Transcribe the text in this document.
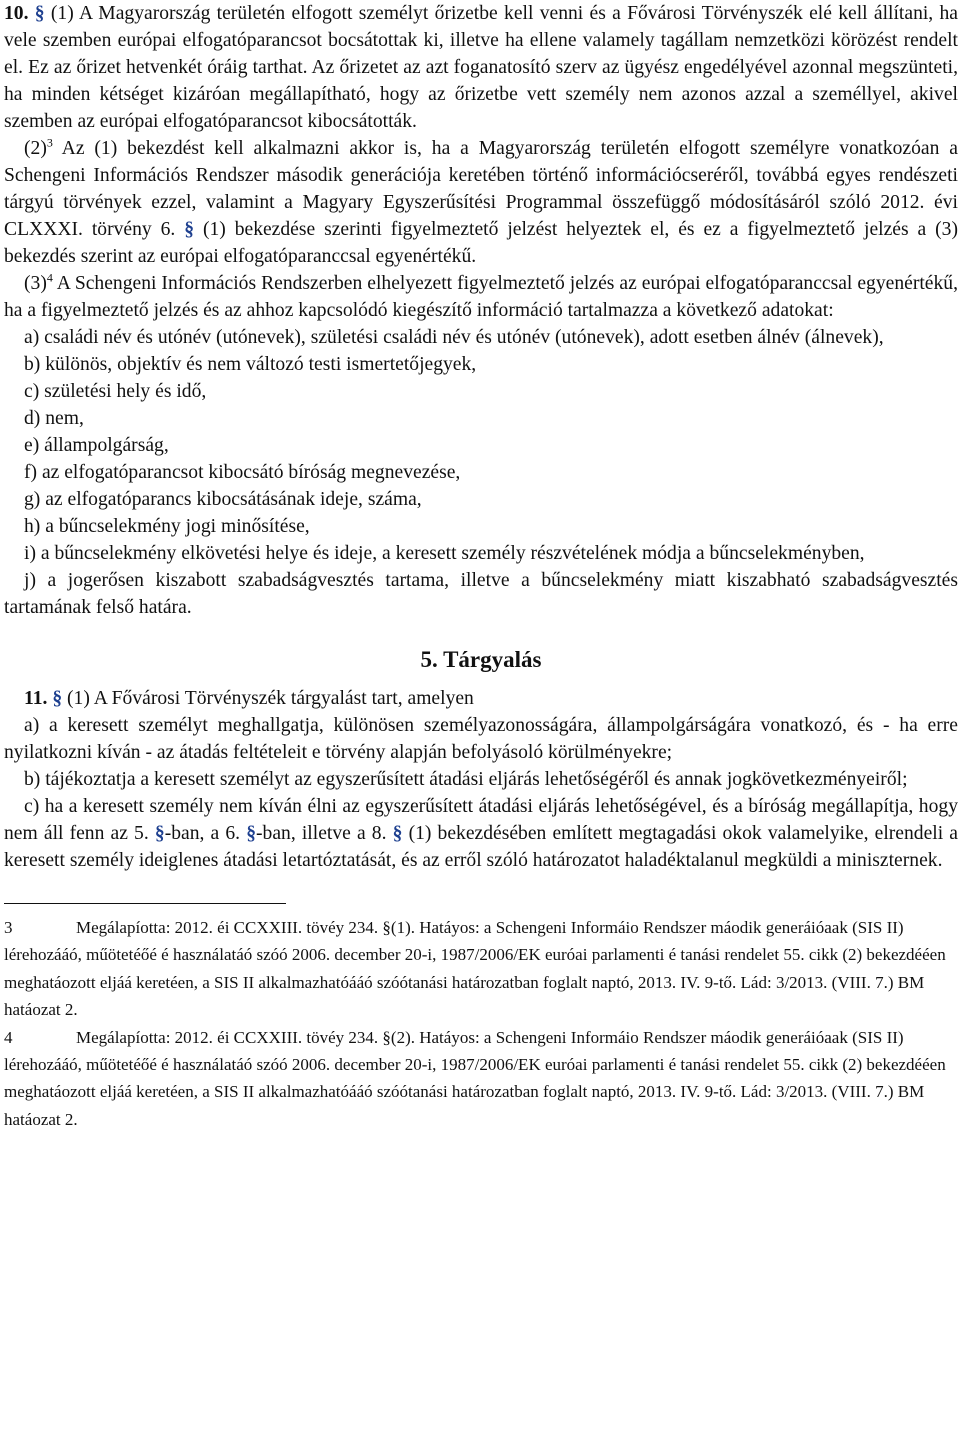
10. § (1) A Magyarország területén elfogott személyt őrizetbe kell venni és a Fővárosi Törvényszék elé kell állítani, ha vele szemben európai elfogatóparancsot bocsátottak ki, illetve ha ellene valamely tagállam nemzetközi körözést rendelt el. Ez az őrizet hetvenkét óráig tarthat. Az őrizetet az azt foganatosító szerv az ügyész engedélyével azonnal megszünteti, ha minden kétséget kizáróan megállapítható, hogy az őrizetbe vett személy nem azonos azzal a személlyel, akivel szemben az európai elfogatóparancsot kibocsátották.

$(2)^3$ Az (1) bekezdést kell alkalmazni akkor is, ha a Magyarország területén elfogott személyre vonatkozóan a Schengeni Információs Rendszer második generációja keretében történő információcseréről, továbbá egyes rendészeti tárgyú törvények ezzel, valamint a Magyary Egyszerűsítési Programmal összefüggő módosításáról szóló 2012. évi CLXXXI. törvény 6. § (1) bekezdése szerinti figyelmeztető jelzést helyeztek el, és ez a figyelmeztető jelzés a (3) bekezdés szerint az európai elfogatóparanccsal egyenértékű.

$(3)^4$ A Schengeni Információs Rendszerben elhelyezett figyelmeztető jelzés az európai elfogatóparanccsal egyenértékű, ha a figyelmeztető jelzés és az ahhoz kapcsolódó kiegészítő információ tartalmazza a következő adatokat:

a) családi név és utónév (utónevek), születési családi név és utónév (utónevek), adott esetben álnév (álnevek),

b) különös, objektív és nem változó testi ismertetőjegyek,

c) születési hely és idő,

d) nem,

e) állampolgárság,

f) az elfogatóparancsot kibocsátó bíróság megnevezése,

g) az elfogatóparancs kibocsátásának ideje, száma,

h) a bűncselekmény jogi minősítése,

i) a bűncselekmény elkövetési helye és ideje, a keresett személy részvételének módja a bűncselekményben,

j) a jogerősen kiszabott szabadságvesztés tartama, illetve a bűncselekmény miatt kiszabható szabadságvesztés tartamának felső határa.

5. Tárgyalás

11. § (1) A Fővárosi Törvényszék tárgyalást tart, amelyen

a) a keresett személyt meghallgatja, különösen személyazonosságára, állampolgárságára vonatkozó, és - ha erre nyilatkozni kíván - az átadás feltételeit e törvény alapján befolyásoló körülményekre;

b) tájékoztatja a keresett személyt az egyszerűsített átadási eljárás lehetőségéről és annak jogkövetkezményeiről;

c) ha a keresett személy nem kíván élni az egyszerűsített átadási eljárás lehetőségével, és a bíróság megállapítja, hogy nem áll fenn az 5. §-ban, a 6. §-ban, illetve a 8. § (1) bekezdésében említett megtagadási okok valamelyike, elrendeli a keresett személy ideiglenes átadási letartóztatását, és az erről szóló határozatot haladéktalanul megküldi a miniszternek.

3	Megálapíotta: 2012. éi CCXXIII. tövéy 234. §(1). Hatáyos: a Schengeni Informáio Rendszer máodik generáióaak (SIS II) lérehozááó, műötetéőé é használatáó szóó 2006. december 20-i, 1987/2006/EK euróai parlamenti é tanási rendelet 55. cikk (2) bekezdééen meghatáozott eljáá keretéen, a SIS II alkalmazhatóááó szóótanási határozatban foglalt naptó, 2013. IV. 9-tő. Lád: 3/2013. (VIII. 7.) BM hatáozat 2.

4	Megálapíotta: 2012. éi CCXXIII. tövéy 234. §(2). Hatáyos: a Schengeni Informáio Rendszer máodik generáióaak (SIS II) lérehozááó, műötetéőé é használatáó szóó 2006. december 20-i, 1987/2006/EK euróai parlamenti é tanási rendelet 55. cikk (2) bekezdééen meghatáozott eljáá keretéen, a SIS II alkalmazhatóááó szóótanási határozatban foglalt naptó, 2013. IV. 9-tő. Lád: 3/2013. (VIII. 7.) BM hatáozat 2.
